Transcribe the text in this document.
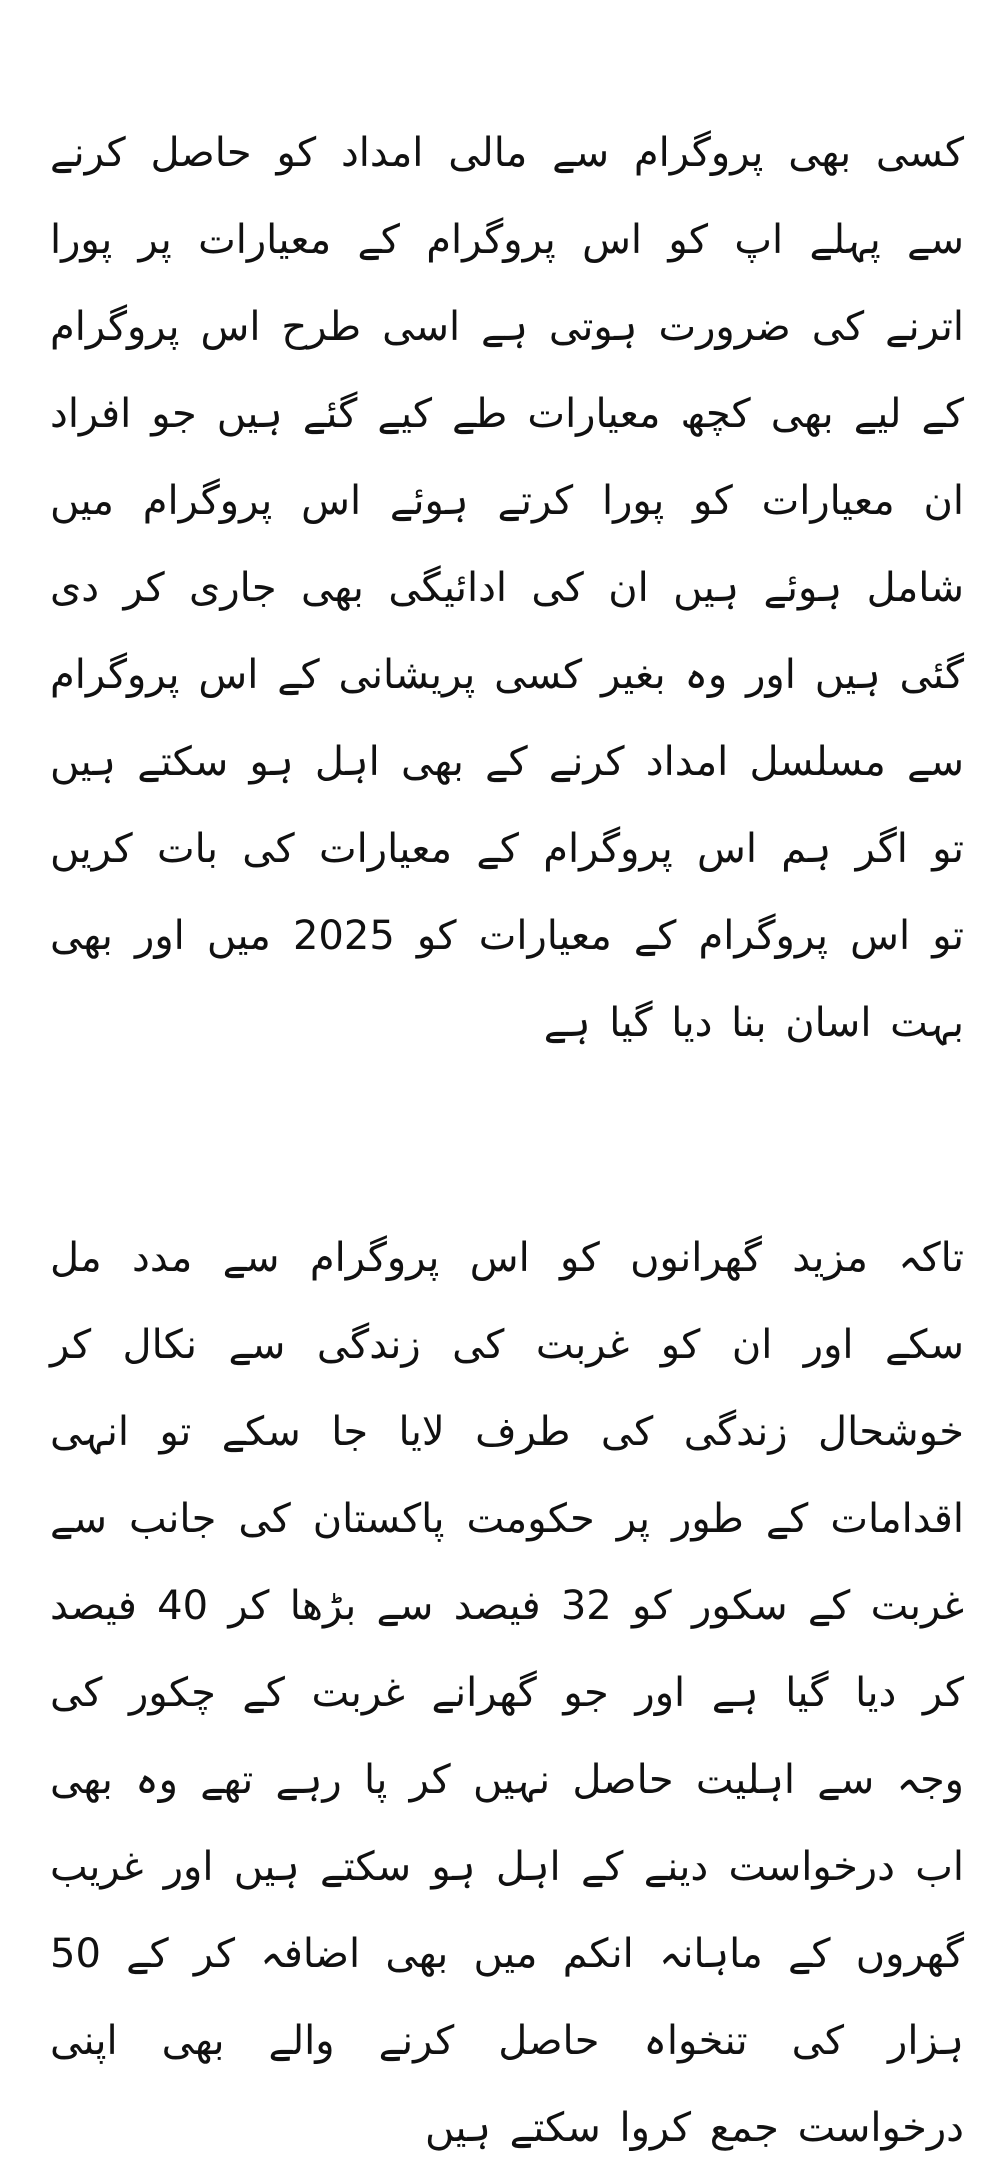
کسی بھی پروگرام سے مالی امداد کو حاصل کرنے سے پہلے اپ کو اس پروگرام کے معیارات پر پورا اترنے کی ضرورت ہوتی ہے اسی طرح اس پروگرام کے لیے بھی کچھ معیارات طے کیے گئے ہیں جو افراد ان معیارات کو پورا کرتے ہوئے اس پروگرام میں شامل ہوئے ہیں ان کی ادائیگی بھی جاری کر دی گئی ہیں اور وہ بغیر کسی پریشانی کے اس پروگرام سے مسلسل امداد کرنے کے بھی اہل ہو سکتے ہیں تو اگر ہم اس پروگرام کے معیارات کی بات کریں تو اس پروگرام کے معیارات کو 2025 میں اور بھی بہت اسان بنا دیا گیا ہے

تاکہ مزید گھرانوں کو اس پروگرام سے مدد مل سکے اور ان کو غربت کی زندگی سے نکال کر خوشحال زندگی کی طرف لایا جا سکے تو انہی اقدامات کے طور پر حکومت پاکستان کی جانب سے غربت کے سکور کو 32 فیصد سے بڑھا کر 40 فیصد کر دیا گیا ہے اور جو گھرانے غربت کے چکور کی وجہ سے اہلیت حاصل نہیں کر پا رہے تھے وہ بھی اب درخواست دینے کے اہل ہو سکتے ہیں اور غریب گھروں کے ماہانہ انکم میں بھی اضافہ کر کے 50 ہزار کی تنخواہ حاصل کرنے والے بھی اپنی درخواست جمع کروا سکتے ہیں
